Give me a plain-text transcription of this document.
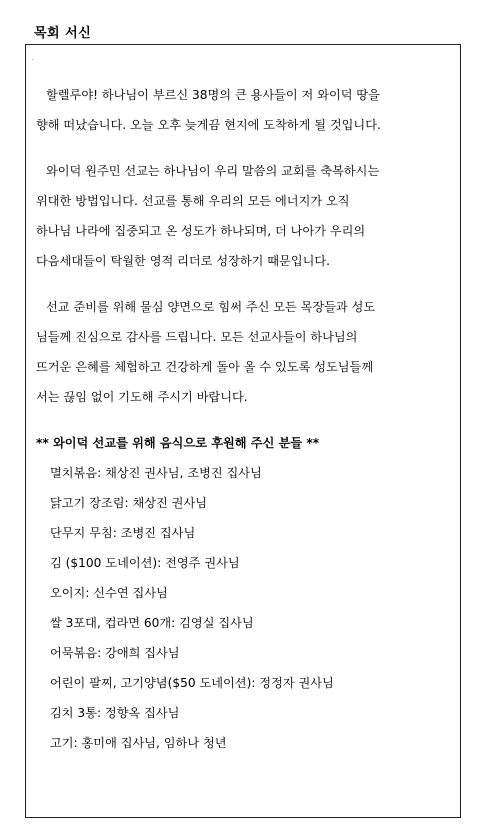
목회 서신

할렐루야! 하나님이 부르신 38명의 큰 용사들이 저 와이덕 땅을
향해 떠났습니다. 오늘 오후 늦게끔 현지에 도착하게 될 것입니다.

와이덕 원주민 선교는 하나님이 우리 말씀의 교회를 축복하시는
위대한 방법입니다. 선교를 통해 우리의 모든 에너지가 오직
하나님 나라에 집중되고 온 성도가 하나되며, 더 나아가 우리의
다음세대들이 탁월한 영적 리더로 성장하기 때문입니다.

선교 준비를 위해 물심 양면으로 힘써 주신 모든 목장들과 성도
님들께 진심으로 감사를 드립니다. 모든 선교사들이 하나님의
뜨거운 은혜를 체험하고 건강하게 돌아 올 수 있도록 성도님들께
서는 끊임 없이 기도해 주시기 바랍니다.

** 와이덕 선교를 위해 음식으로 후원해 주신 분들 **
멸치볶음: 채상진 권사님, 조병진 집사님
닭고기 장조림: 채상진 권사님
단무지 무침: 조병진 집사님
김 ($100 도네이션): 전영주 권사님
오이지: 신수연 집사님
쌀 3포대, 컵라면 60개: 김영실 집사님
어묵볶음: 강애희 집사님
어린이 팔찌, 고기양념($50 도네이션): 정정자 권사님
김치 3통: 정향옥 집사님
고기: 홍미애 집사님, 임하나 청년
